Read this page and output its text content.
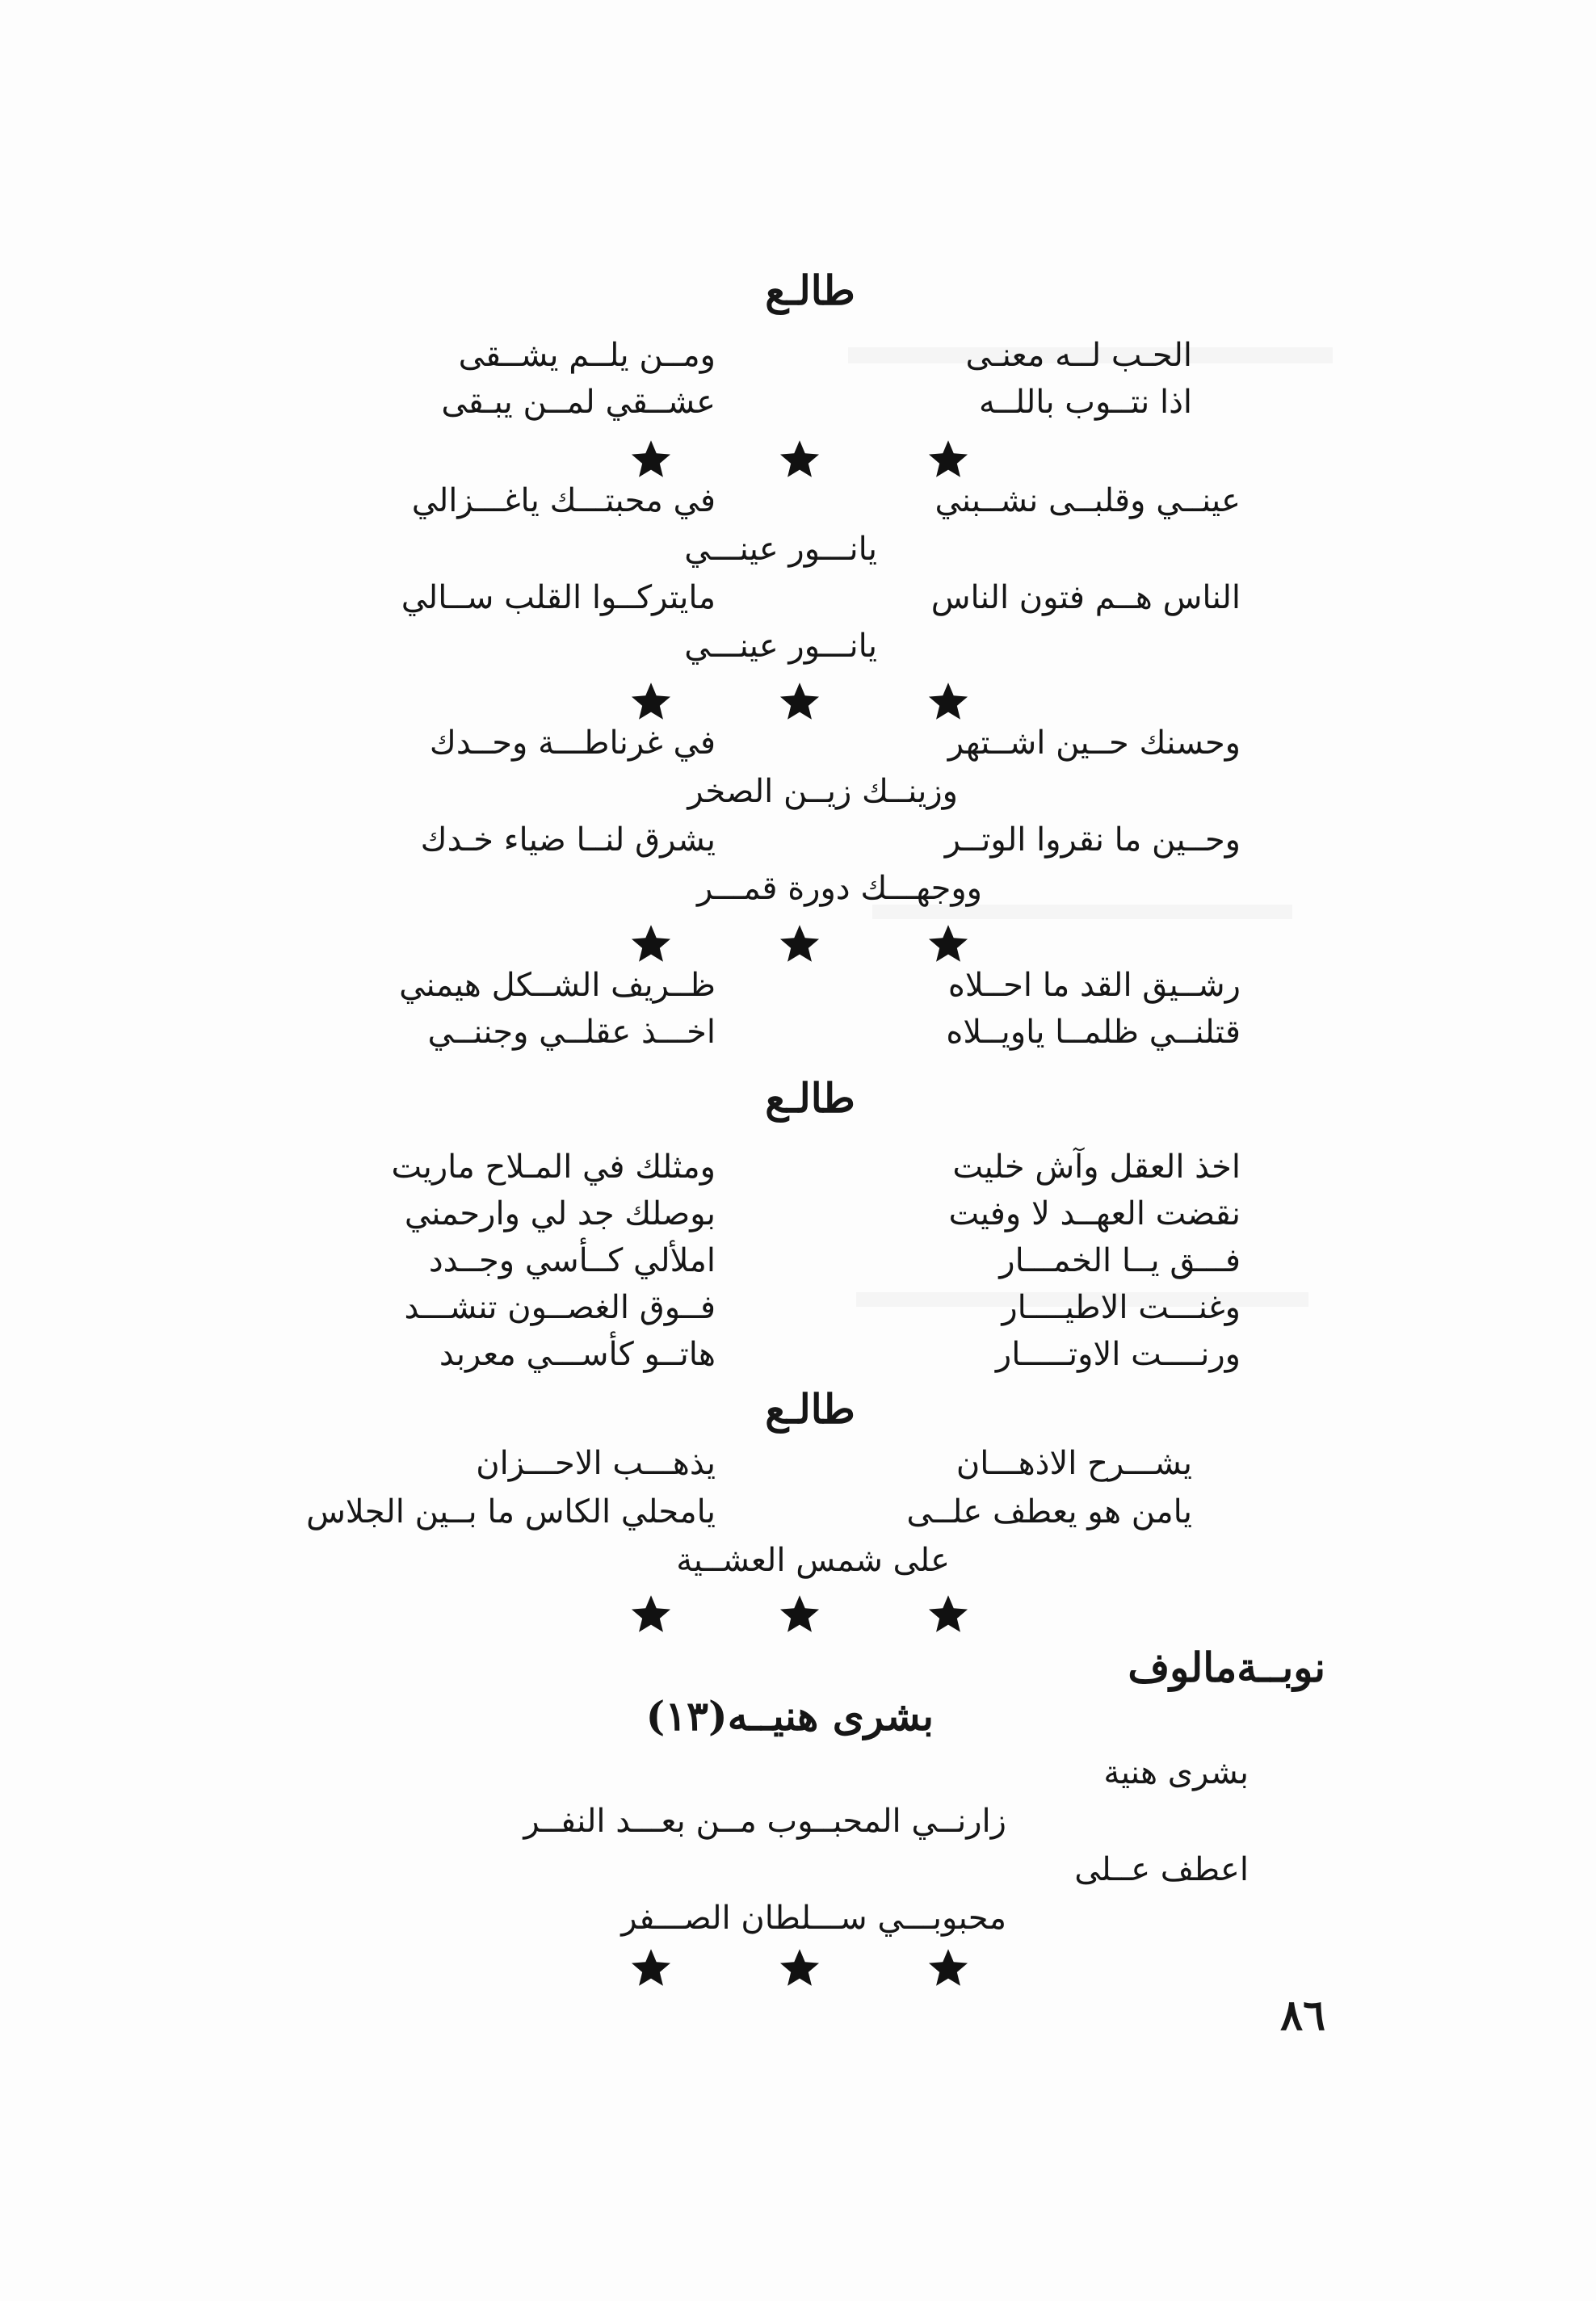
طالـع
الحـب لــه معنـى
ومــن يلــم يشــقى
اذا نتــوب باللــه
عشــقي لمــن يبـقى
عينــي وقلبــى نشــبني
في محبتـــك ياغـــزالي
يانـــور عينـــي
الناس هــم فتون الناس
مايتركــوا القلب ســالي
يانـــور عينـــي
وحسنك حــين اشــتهر
في غرناطـــة وحــدك
وزينــك زيــن الصخر
وحــين ما نقروا الوتــر
يشرق لنــا ضياء خـدك
ووجهـــك دورة قمـــر
رشــيق القد ما احــلاه
ظــريف الشــكل هيمني
قتلنــي ظلمــا ياويــلاه
اخـــذ عقلــي وجننــي
طالـع
اخذ العقل وآش خليت
ومثلك في المـلاح ماريت
نقضت العهــد لا وفيت
بوصلك جد لي وارحمني
فـــق يــا الخمـــار
املألي كــأسي وجــدد
وغنـــت الاطيــــار
فــوق الغصــون تنشـــد
ورنــــت الاوتـــــار
هاتــو كأســـي معربد
طالـع
يشـــرح الاذهـــان
يذهـــب الاحـــزان
يامن هو يعطف علــى
يامحلي الكاس ما بــين الجلاس
على شمس العشــية
نوبــةمالوف
بشرى هنيــه(١٣)
بشرى هنية
زارنــي المحبــوب مــن بعـــد النفــر
اعطف عــلى
محبوبـــي ســـلطان الصـــفر
٨٦
